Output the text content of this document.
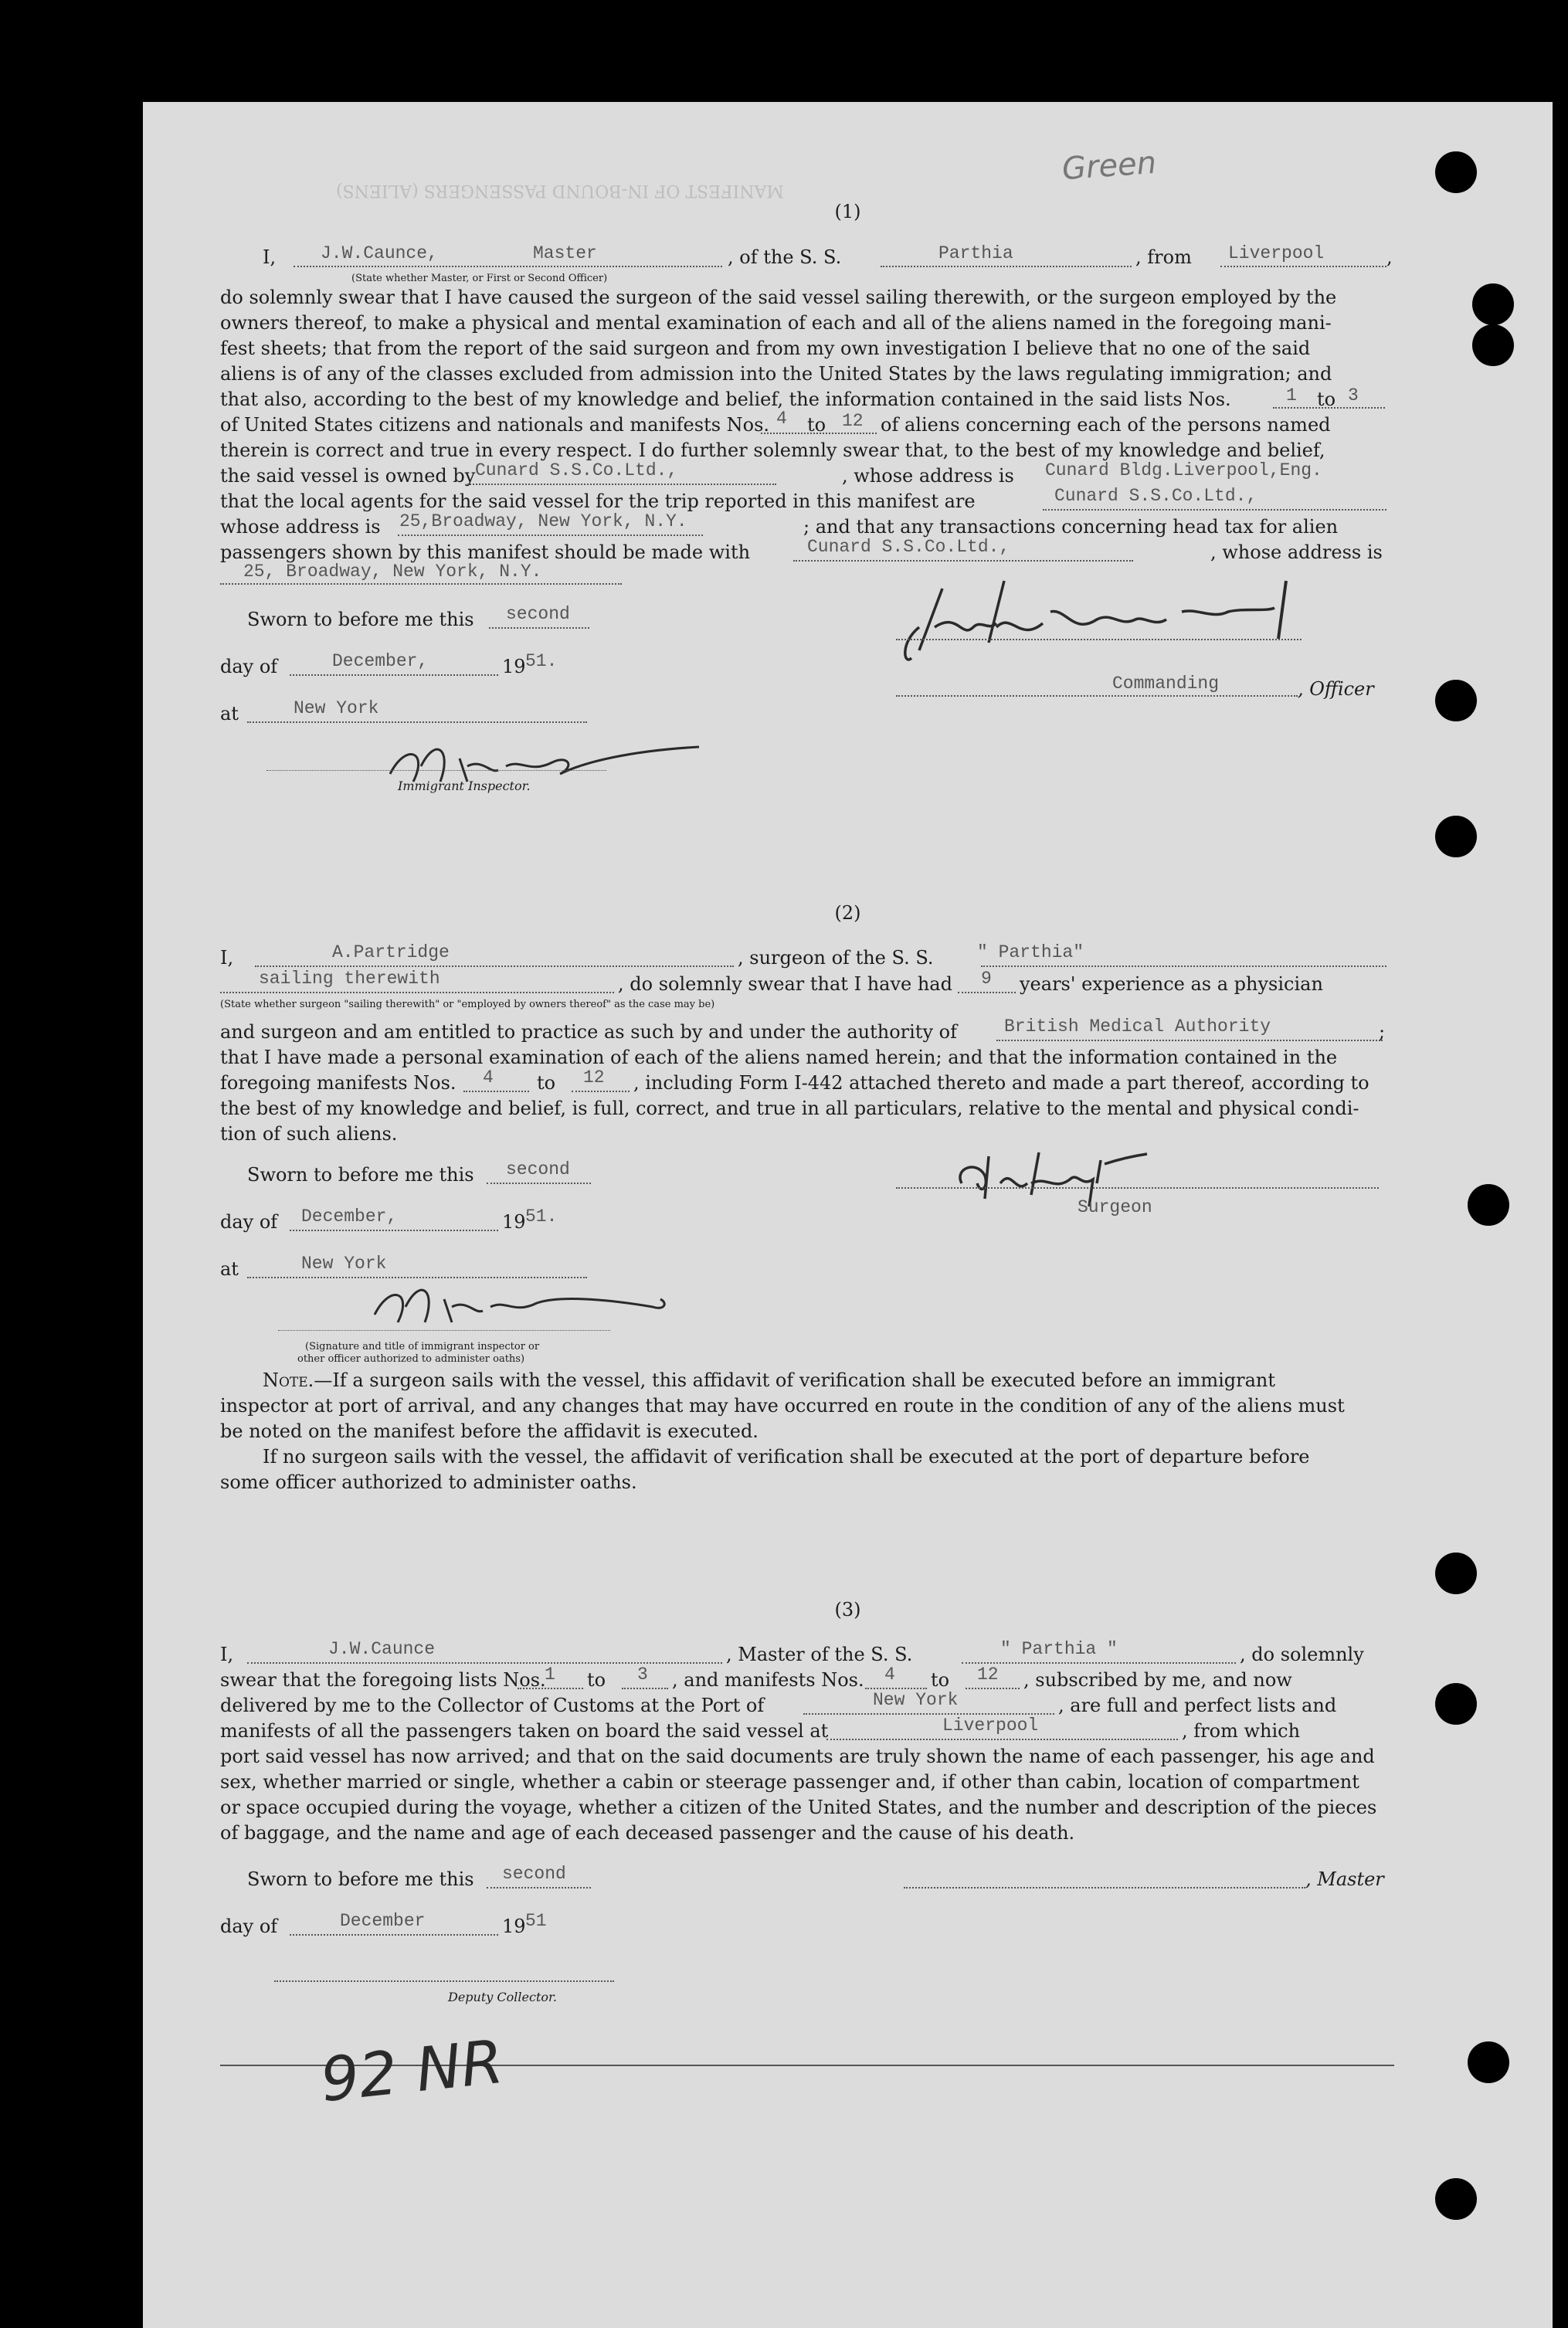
MANIFEST OF IN-BOUND PASSENGERS (ALIENS)
Green
(1)
I,	J.W.Caunce,	Master
(State whether Master, or First or Second Officer)
, of the S. S.	Parthia	, from Liverpool	,
do solemnly swear that I have caused the surgeon of the said vessel sailing therewith, or the surgeon employed by the
owners thereof, to make a physical and mental examination of each and all of the aliens named in the foregoing mani-
fest sheets; that from the report of the said surgeon and from my own investigation I believe that no one of the said
aliens is of any of the classes excluded from admission into the United States by the laws regulating immigration; and
that also, according to the best of my knowledge and belief, the information contained in the said lists Nos.	1 to 3
of United States citizens and nationals and manifests Nos. 4 to 12 of aliens concerning each of the persons named
therein is correct and true in every respect. I do further solemnly swear that, to the best of my knowledge and belief,
the said vessel is owned by Cunard S.S.Co.Ltd.,	, whose address is Cunard Bldg.Liverpool,Eng.
that the local agents for the said vessel for the trip reported in this manifest are	Cunard S.S.Co.Ltd.,
whose address is 25,Broadway, New York, N.Y.	; and that any transactions concerning head tax for alien
passengers shown by this manifest should be made with	Cunard S.S.Co.Ltd.,	, whose address is
25, Broadway, New York, N.Y.
Sworn to before me this second
day of	December,	19 51.
at	New York
Immigrant Inspector.
Commanding	, Officer
(2)
I,	A.Partridge	, surgeon of the S. S. " Parthia"
sailing therewith	, do solemnly swear that I have had 9 years' experience as a physician
(State whether surgeon "sailing therewith" or "employed by owners thereof" as the case may be)
and surgeon and am entitled to practice as such by and under the authority of	British Medical Authority	;
that I have made a personal examination of each of the aliens named herein; and that the information contained in the
foregoing manifests Nos. 4 to 12 , including Form I-442 attached thereto and made a part thereof, according to
the best of my knowledge and belief, is full, correct, and true in all particulars, relative to the mental and physical condi-
tion of such aliens.
Surgeon
Sworn to before me this second
day of December,	19 51.
at	New York
(Signature and title of immigrant inspector or
other officer authorized to administer oaths)
Note.—If a surgeon sails with the vessel, this affidavit of verification shall be executed before an immigrant
inspector at port of arrival, and any changes that may have occurred en route in the condition of any of the aliens must
be noted on the manifest before the affidavit is executed.
If no surgeon sails with the vessel, the affidavit of verification shall be executed at the port of departure before
some officer authorized to administer oaths.
(3)
I,	J.W.Caunce	, Master of the S. S.	" Parthia "	, do solemnly
swear that the foregoing lists Nos.
1 to 3 , and manifests Nos. 4 to 12 , subscribed by me, and now
delivered by me to the Collector of Customs at the Port of	New York	, are full and perfect lists and
manifests of all the passengers taken on board the said vessel at	Liverpool	, from which
port said vessel has now arrived; and that on the said documents are truly shown the name of each passenger, his age and
sex, whether married or single, whether a cabin or steerage passenger and, if other than cabin, location of compartment
or space occupied during the voyage, whether a citizen of the United States, and the number and description of the pieces
of baggage, and the name and age of each deceased passenger and the cause of his death.
Sworn to before me this second	, Master
day of	December	19 51
Deputy Collector.
92 NR
